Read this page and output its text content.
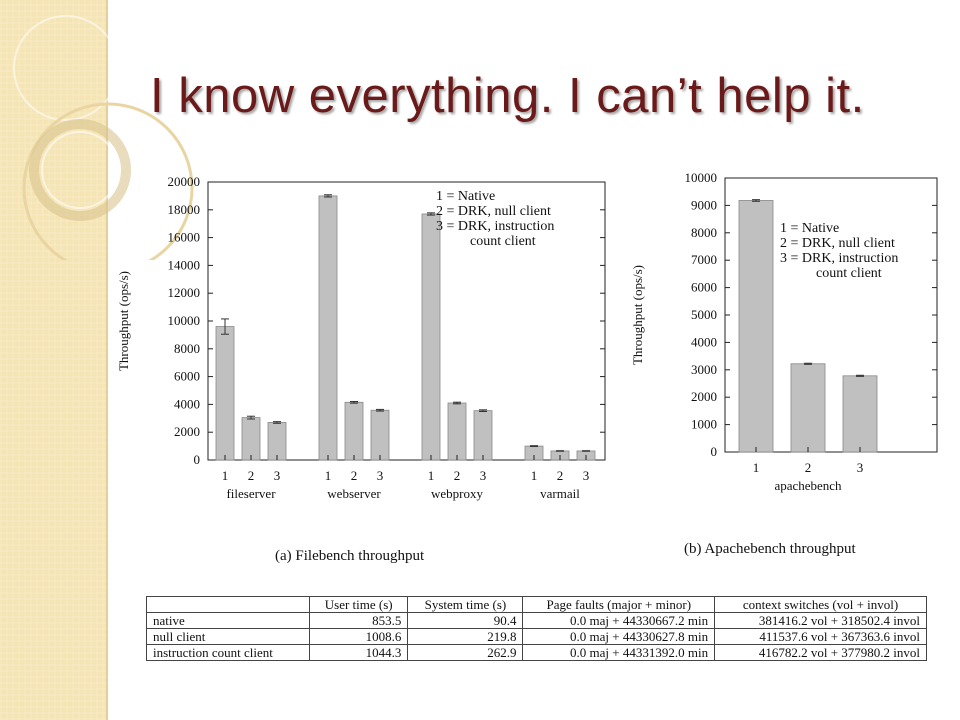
I know everything. I can’t help it.
0
2000
4000
6000
8000
10000
12000
14000
16000
18000
20000
Throughput (ops/s)
1 2 3
fileserver
1 2 3
webserver
1 2 3
webproxy
1 2 3
varmail
1 = Native
2 = DRK, null client
3 = DRK, instruction
count client
(a) Filebench throughput
0
1000
2000
3000
4000
5000
6000
7000
8000
9000
10000
Throughput (ops/s)
1	2	3
apachebench
1 = Native
2 = DRK, null client
3 = DRK, instruction
count client
(b) Apachebench throughput
	User time (s)	System time (s)	Page faults (major + minor)	context switches (vol + invol)
native	853.5	90.4	0.0 maj + 44330667.2 min	381416.2 vol + 318502.4 invol
null client	1008.6	219.8	0.0 maj + 44330627.8 min	411537.6 vol + 367363.6 invol
instruction count client	1044.3	262.9	0.0 maj + 44331392.0 min	416782.2 vol + 377980.2 invol
